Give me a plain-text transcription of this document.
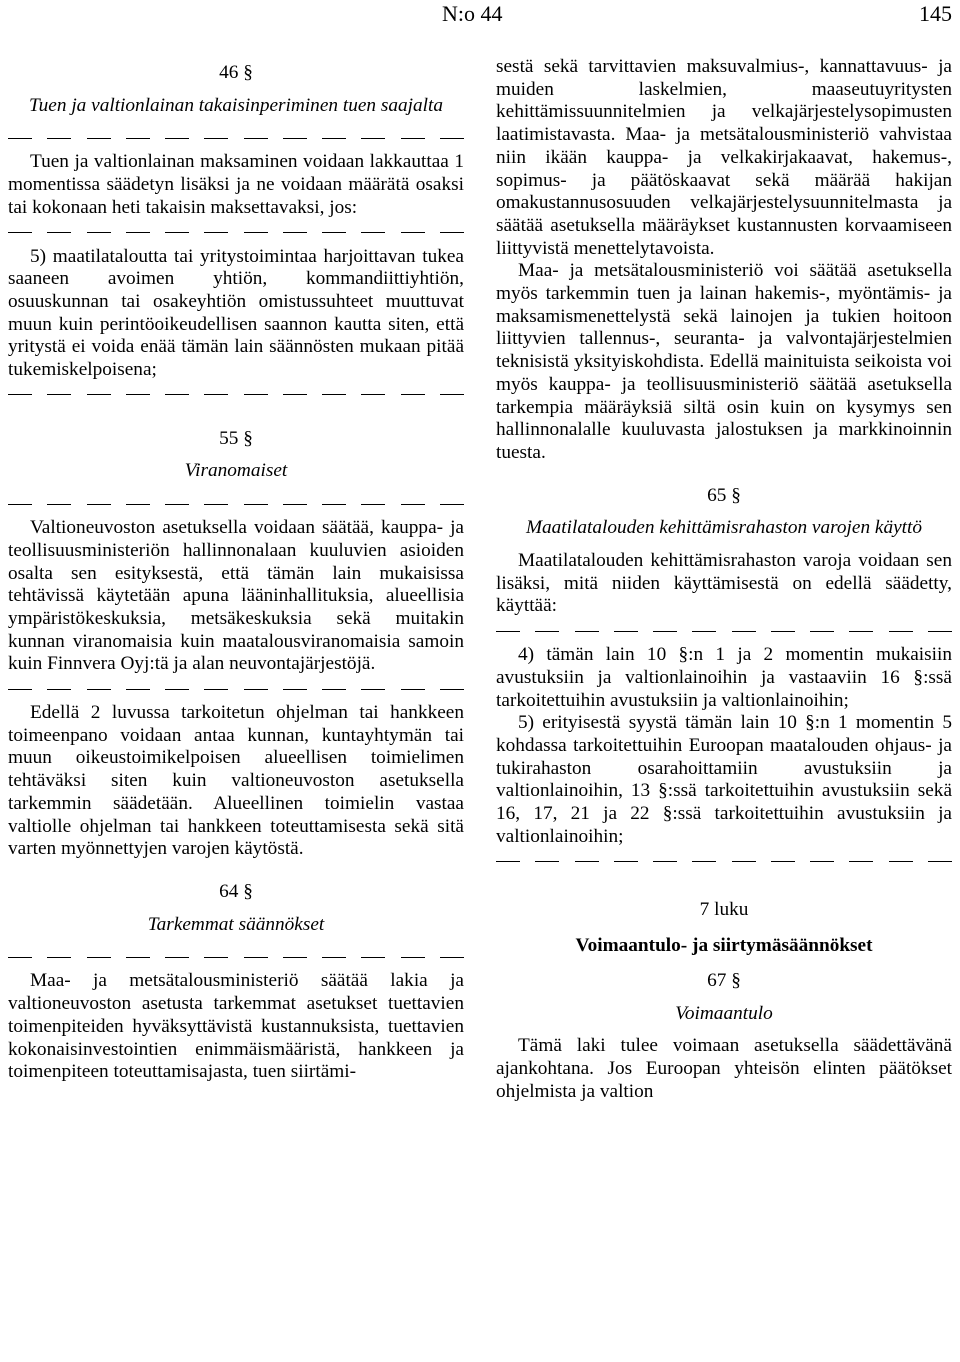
N:o 44	145

46 §

Tuen ja valtionlainan takaisinperiminen tuen saajalta

Tuen ja valtionlainan maksaminen voidaan lakkauttaa 1 momentissa säädetyn lisäksi ja ne voidaan määrätä osaksi tai kokonaan heti takaisin maksettavaksi, jos:

5) maatilataloutta tai yritystoimintaa harjoittavan tukea saaneen avoimen yhtiön, kommandiittiyhtiön, osuuskunnan tai osakeyhtiön omistussuhteet muuttuvat muun kuin perintöoikeudellisen saannon kautta siten, että yritystä ei voida enää tämän lain säännösten mukaan pitää tukemiskelpoisena;

55 §

Viranomaiset

Valtioneuvoston asetuksella voidaan säätää, kauppa- ja teollisuusministeriön hallinnonalaan kuuluvien asioiden osalta sen esityksestä, että tämän lain mukaisissa tehtävissä käytetään apuna lääninhallituksia, alueellisia ympäristökeskuksia, metsäkeskuksia sekä muitakin kunnan viranomaisia kuin maatalousviranomaisia samoin kuin Finnvera Oyj:tä ja alan neuvontajärjestöjä.

Edellä 2 luvussa tarkoitetun ohjelman tai hankkeen toimeenpano voidaan antaa kunnan, kuntayhtymän tai muun oikeustoimikelpoisen alueellisen toimielimen tehtäväksi siten kuin valtioneuvoston asetuksella tarkemmin säädetään. Alueellinen toimielin vastaa valtiolle ohjelman tai hankkeen toteuttamisesta sekä sitä varten myönnettyjen varojen käytöstä.

64 §

Tarkemmat säännökset

Maa- ja metsätalousministeriö säätää lakia ja valtioneuvoston asetusta tarkemmat asetukset tuettavien toimenpiteiden hyväksyttävistä kustannuksista, tuettavien kokonaisinvestointien enimmäismääristä, hankkeen ja toimenpiteen toteuttamisajasta, tuen siirtämi-

sestä sekä tarvittavien maksuvalmius-, kannattavuus- ja muiden laskelmien, maaseutuyritysten kehittämissuunnitelmien ja velkajärjestelysopimusten laatimistavasta. Maa- ja metsätalousministeriö vahvistaa niin ikään kauppa- ja velkakirjakaavat, hakemus-, sopimus- ja päätöskaavat sekä määrää hakijan omakustannusosuuden velkajärjestelysuunnitelmasta ja säätää asetuksella määräykset kustannusten korvaamiseen liittyvistä menettelytavoista.

Maa- ja metsätalousministeriö voi säätää asetuksella myös tarkemmin tuen ja lainan hakemis-, myöntämis- ja maksamismenettelystä sekä lainojen ja tukien hoitoon liittyvien tallennus-, seuranta- ja valvontajärjestelmien teknisistä yksityiskohdista. Edellä mainituista seikoista voi myös kauppa- ja teollisuusministeriö säätää asetuksella tarkempia määräyksiä siltä osin kuin on kysymys sen hallinnonalalle kuuluvasta jalostuksen ja markkinoinnin tuesta.

65 §

Maatilatalouden kehittämisrahaston varojen käyttö

Maatilatalouden kehittämisrahaston varoja voidaan sen lisäksi, mitä niiden käyttämisestä on edellä säädetty, käyttää:

4) tämän lain 10 §:n 1 ja 2 momentin mukaisiin avustuksiin ja valtionlainoihin ja vastaaviin 16 §:ssä tarkoitettuihin avustuksiin ja valtionlainoihin;

5) erityisestä syystä tämän lain 10 §:n 1 momentin 5 kohdassa tarkoitettuihin Euroopan maatalouden ohjaus- ja tukirahaston osarahoittamiin avustuksiin ja valtionlainoihin, 13 §:ssä tarkoitettuihin avustuksiin sekä 16, 17, 21 ja 22 §:ssä tarkoitettuihin avustuksiin ja valtionlainoihin;

7 luku

Voimaantulo- ja siirtymäsäännökset

67 §

Voimaantulo

Tämä laki tulee voimaan asetuksella säädettävänä ajankohtana. Jos Euroopan yhteisön elinten päätökset ohjelmista ja valtion
